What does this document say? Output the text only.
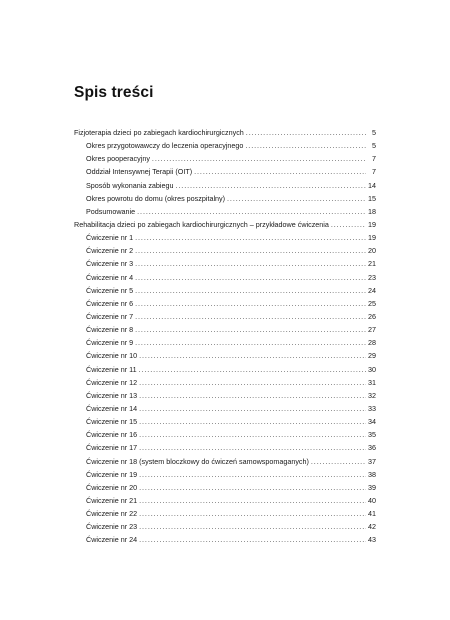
Spis treści
Fizjoterapia dzieci po zabiegach kardiochirurgicznych .....	5
Okres przygotowawczy do leczenia operacyjnego .....	5
Okres pooperacyjny .....	7
Oddział Intensywnej Terapii (OIT) .....	7
Sposób wykonania zabiegu .....	14
Okres powrotu do domu (okres poszpitalny) .....	15
Podsumowanie .....	18
Rehabilitacja dzieci po zabiegach kardiochirurgicznych – przykładowe ćwiczenia .....	19
Ćwiczenie nr 1 .....	19
Ćwiczenie nr 2 .....	20
Ćwiczenie nr 3 .....	21
Ćwiczenie nr 4 .....	23
Ćwiczenie nr 5 .....	24
Ćwiczenie nr 6 .....	25
Ćwiczenie nr 7 .....	26
Ćwiczenie nr 8 .....	27
Ćwiczenie nr 9 .....	28
Ćwiczenie nr 10 .....	29
Ćwiczenie nr 11 .....	30
Ćwiczenie nr 12 .....	31
Ćwiczenie nr 13 .....	32
Ćwiczenie nr 14 .....	33
Ćwiczenie nr 15 .....	34
Ćwiczenie nr 16 .....	35
Ćwiczenie nr 17 .....	36
Ćwiczenie nr 18 (system bloczkowy do ćwiczeń samowspomaganych) .....	37
Ćwiczenie nr 19 .....	38
Ćwiczenie nr 20 .....	39
Ćwiczenie nr 21 .....	40
Ćwiczenie nr 22 .....	41
Ćwiczenie nr 23 .....	42
Ćwiczenie nr 24 .....	43
